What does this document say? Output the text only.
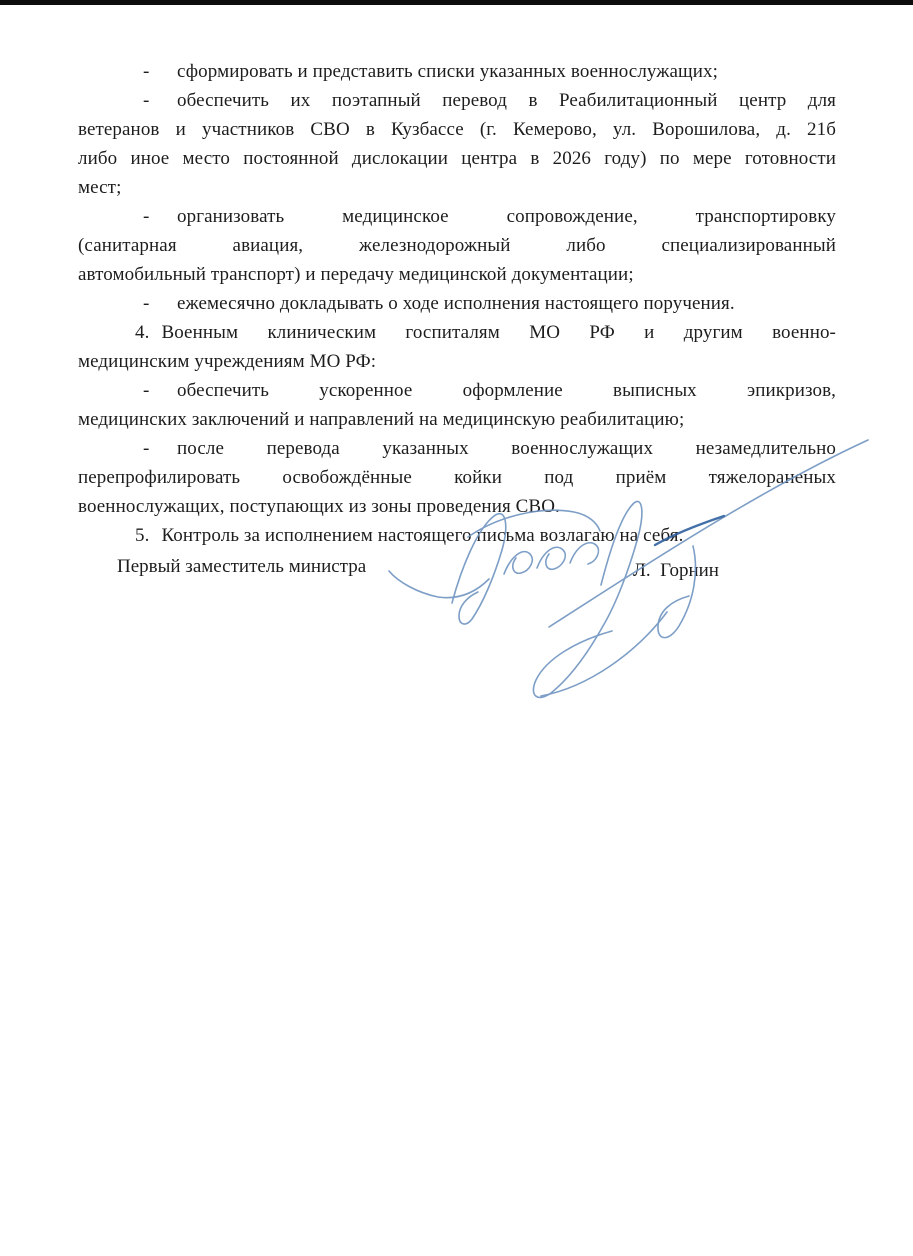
- сформировать и представить списки указанных военнослужащих;
- обеспечить их поэтапный перевод в Реабилитационный центр для
ветеранов и участников СВО в Кузбассе (г. Кемерово, ул. Ворошилова, д. 21б
либо иное место постоянной дислокации центра в 2026 году) по мере готовности
мест;
- организовать медицинское сопровождение, транспортировку
(санитарная авиация, железнодорожный либо специализированный
автомобильный транспорт) и передачу медицинской документации;
- ежемесячно докладывать о ходе исполнения настоящего поручения.
4. Военным клиническим госпиталям МО РФ и другим военно-
медицинским учреждениям МО РФ:
- обеспечить ускоренное оформление выписных эпикризов,
медицинских заключений и направлений на медицинскую реабилитацию;
- после перевода указанных военнослужащих незамедлительно
перепрофилировать освобождённые койки под приём тяжелораненых
военнослужащих, поступающих из зоны проведения СВО.
5. Контроль за исполнением настоящего письма возлагаю на себя.
Первый заместитель министра	Л.  Горнин
